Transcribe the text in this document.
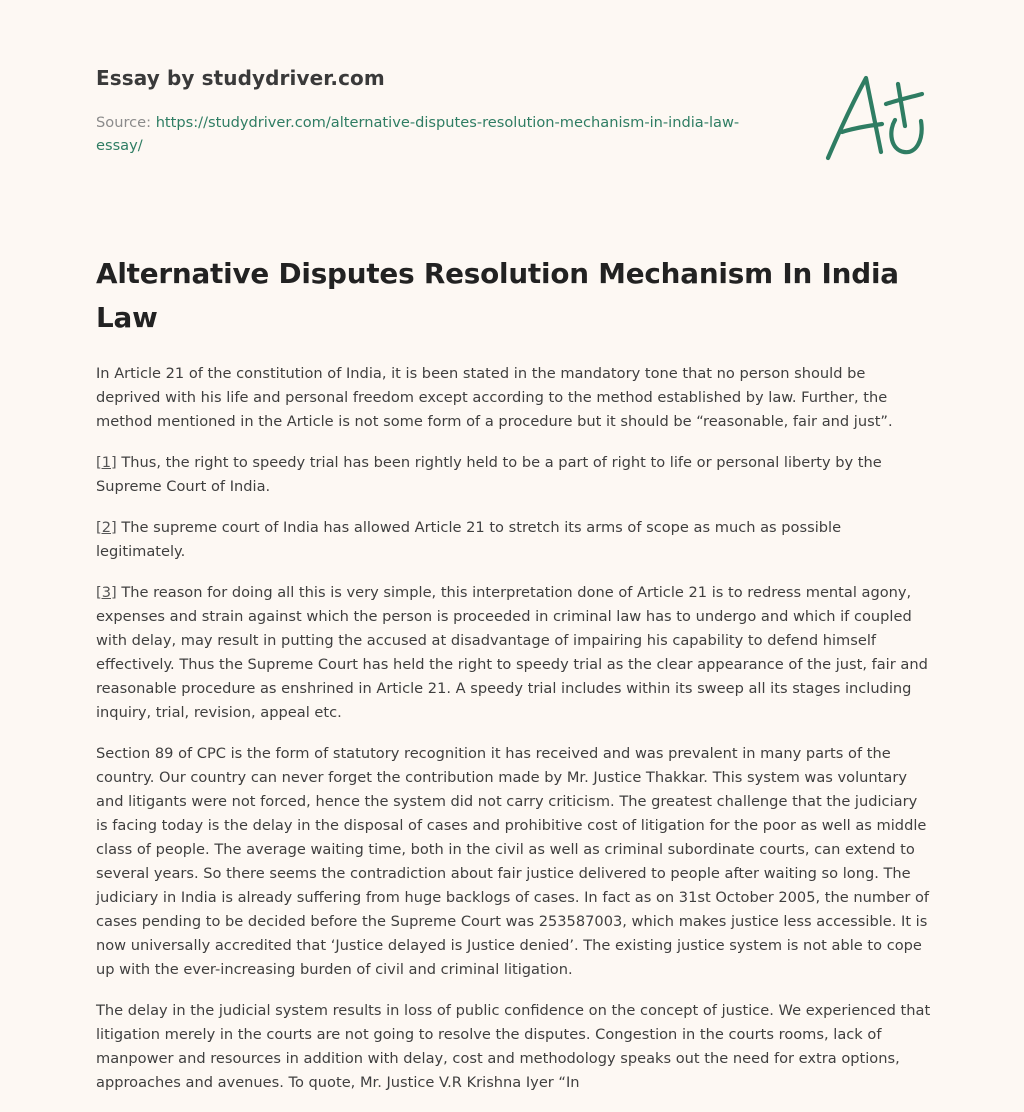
Essay by studydriver.com
Source: https://studydriver.com/alternative-disputes-resolution-mechanism-in-india-law-essay/
Alternative Disputes Resolution Mechanism In India Law

In Article 21 of the constitution of India, it is been stated in the mandatory tone that no person should be deprived with his life and personal freedom except according to the method established by law. Further, the method mentioned in the Article is not some form of a procedure but it should be “reasonable, fair and just”.

[1] Thus, the right to speedy trial has been rightly held to be a part of right to life or personal liberty by the Supreme Court of India.

[2] The supreme court of India has allowed Article 21 to stretch its arms of scope as much as possible legitimately.

[3] The reason for doing all this is very simple, this interpretation done of Article 21 is to redress mental agony, expenses and strain against which the person is proceeded in criminal law has to undergo and which if coupled with delay, may result in putting the accused at disadvantage of impairing his capability to defend himself effectively. Thus the Supreme Court has held the right to speedy trial as the clear appearance of the just, fair and reasonable procedure as enshrined in Article 21. A speedy trial includes within its sweep all its stages including inquiry, trial, revision, appeal etc.

Section 89 of CPC is the form of statutory recognition it has received and was prevalent in many parts of the country. Our country can never forget the contribution made by Mr. Justice Thakkar. This system was voluntary and litigants were not forced, hence the system did not carry criticism. The greatest challenge that the judiciary is facing today is the delay in the disposal of cases and prohibitive cost of litigation for the poor as well as middle class of people. The average waiting time, both in the civil as well as criminal subordinate courts, can extend to several years. So there seems the contradiction about fair justice delivered to people after waiting so long. The judiciary in India is already suffering from huge backlogs of cases. In fact as on 31st October 2005, the number of cases pending to be decided before the Supreme Court was 253587003, which makes justice less accessible. It is now universally accredited that ‘Justice delayed is Justice denied’. The existing justice system is not able to cope up with the ever-increasing burden of civil and criminal litigation.

The delay in the judicial system results in loss of public confidence on the concept of justice. We experienced that litigation merely in the courts are not going to resolve the disputes. Congestion in the courts rooms, lack of manpower and resources in addition with delay, cost and methodology speaks out the need for extra options, approaches and avenues. To quote, Mr. Justice V.R Krishna Iyer “In
